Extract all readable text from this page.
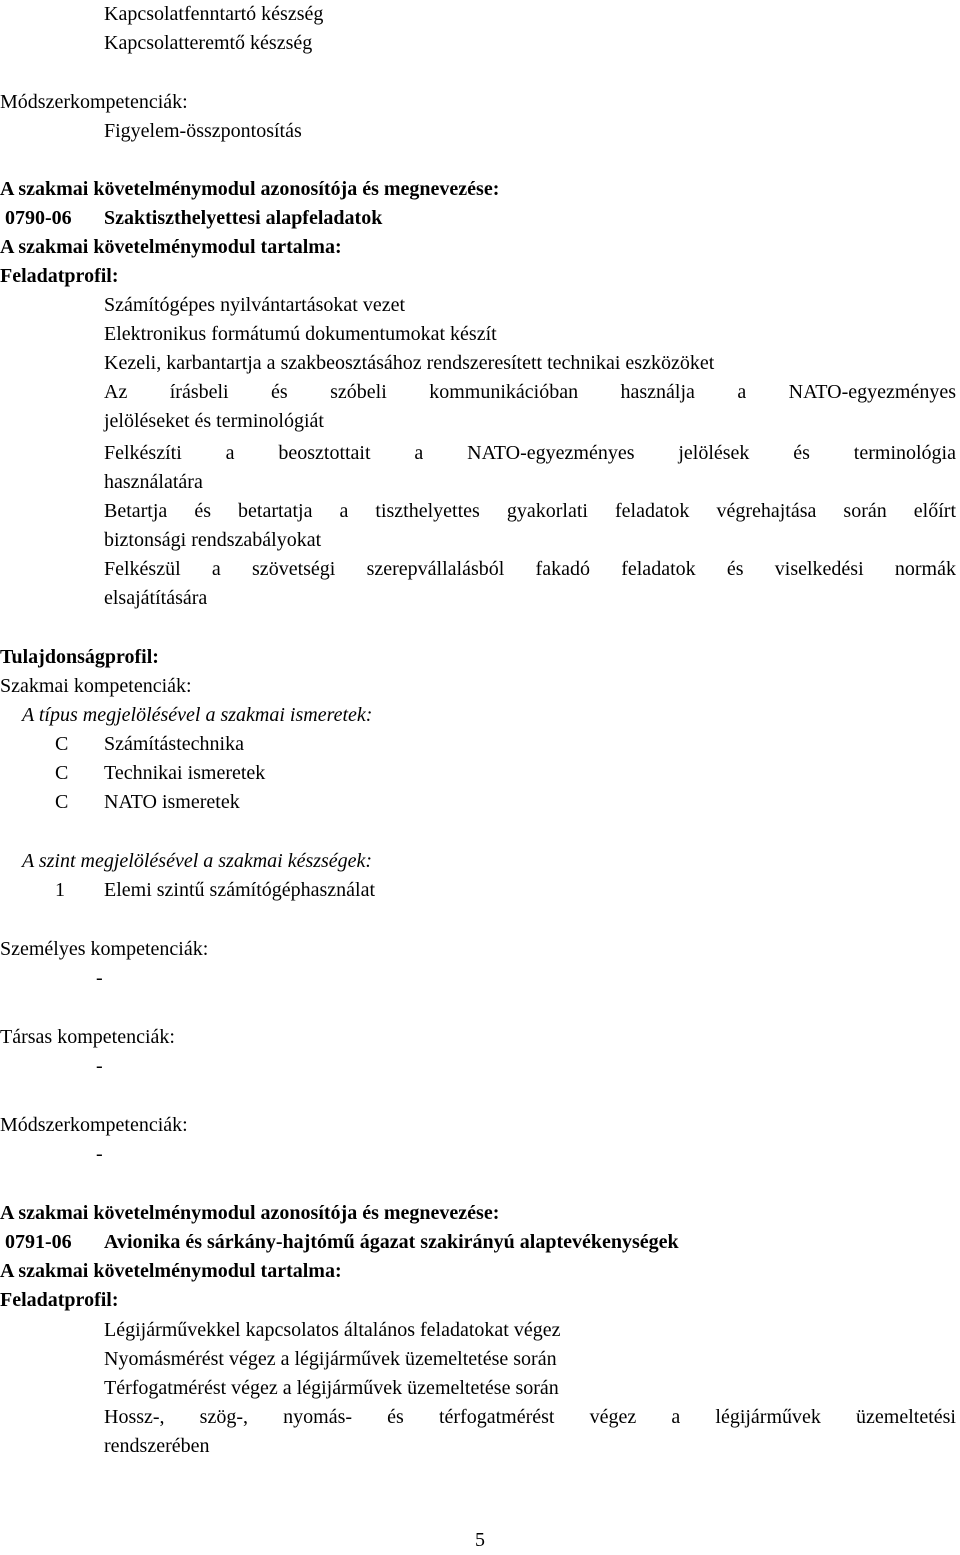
Kapcsolatfenntartó készség
Kapcsolatteremtő készség
Módszerkompetenciák:
Figyelem-összpontosítás
A szakmai követelménymodul azonosítója és megnevezése:
0790-06 Szaktiszthelyettesi alapfeladatok
A szakmai követelménymodul tartalma:
Feladatprofil:
Számítógépes nyilvántartásokat vezet
Elektronikus formátumú dokumentumokat készít
Kezeli, karbantartja a szakbeosztásához rendszeresített technikai eszközöket
Az írásbeli és szóbeli kommunikációban használja a NATO-egyezményes
jelöléseket és terminológiát
Felkészíti a beosztottait a NATO-egyezményes jelölések és terminológia
használatára
Betartja és betartatja a tiszthelyettes gyakorlati feladatok végrehajtása során előírt
biztonsági rendszabályokat
Felkészül a szövetségi szerepvállalásból fakadó feladatok és viselkedési normák
elsajátítására
Tulajdonságprofil:
Szakmai kompetenciák:
A típus megjelölésével a szakmai ismeretek:
C Számítástechnika
C Technikai ismeretek
C NATO ismeretek
A szint megjelölésével a szakmai készségek:
1 Elemi szintű számítógéphasználat
Személyes kompetenciák:
-
Társas kompetenciák:
-
Módszerkompetenciák:
-
A szakmai követelménymodul azonosítója és megnevezése:
0791-06 Avionika és sárkány-hajtómű ágazat szakirányú alaptevékenységek
A szakmai követelménymodul tartalma:
Feladatprofil:
Légijárművekkel kapcsolatos általános feladatokat végez
Nyomásmérést végez a légijárművek üzemeltetése során
Térfogatmérést végez a légijárművek üzemeltetése során
Hossz-, szög-, nyomás- és térfogatmérést végez a légijárművek üzemeltetési
rendszerében
5
